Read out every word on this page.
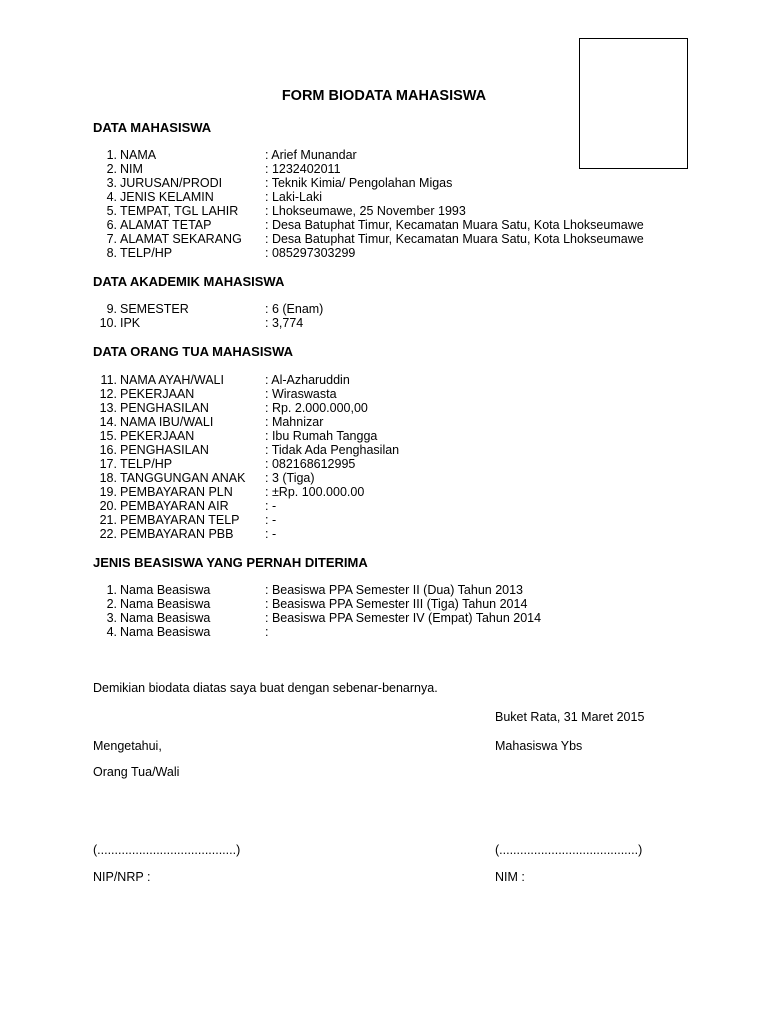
FORM BIODATA MAHASISWA
DATA MAHASISWA
1. NAMA	: Arief Munandar
2. NIM	: 1232402011
3. JURUSAN/PRODI	: Teknik Kimia/ Pengolahan Migas
4. JENIS KELAMIN	: Laki-Laki
5. TEMPAT, TGL LAHIR : Lhokseumawe, 25 November 1993
6. ALAMAT TETAP	: Desa Batuphat Timur, Kecamatan Muara Satu, Kota Lhokseumawe
7. ALAMAT SEKARANG : Desa Batuphat Timur, Kecamatan Muara Satu, Kota Lhokseumawe
8. TELP/HP	: 085297303299
DATA AKADEMIK MAHASISWA
9. SEMESTER	: 6 (Enam)
10. IPK	: 3,774
DATA ORANG TUA MAHASISWA
11. NAMA AYAH/WALI	: Al-Azharuddin
12. PEKERJAAN	: Wiraswasta
13. PENGHASILAN	: Rp. 2.000.000,00
14. NAMA IBU/WALI	: Mahnizar
15. PEKERJAAN	: Ibu Rumah Tangga
16. PENGHASILAN	: Tidak Ada Penghasilan
17. TELP/HP	: 082168612995
18. TANGGUNGAN ANAK : 3 (Tiga)
19. PEMBAYARAN PLN	: ±Rp. 100.000.00
20. PEMBAYARAN AIR	: -
21. PEMBAYARAN TELP : -
22. PEMBAYARAN PBB	: -
JENIS BEASISWA YANG PERNAH DITERIMA
1. Nama Beasiswa	: Beasiswa PPA Semester II (Dua) Tahun 2013
2. Nama Beasiswa	: Beasiswa PPA Semester III (Tiga) Tahun 2014
3. Nama Beasiswa	: Beasiswa PPA Semester IV (Empat) Tahun 2014
4. Nama Beasiswa	:
Demikian biodata diatas saya buat dengan sebenar-benarnya.
Buket Rata, 31 Maret 2015
Mengetahui,	Mahasiswa Ybs
Orang Tua/Wali
(........................................)	(........................................)
NIP/NRP :	NIM :
